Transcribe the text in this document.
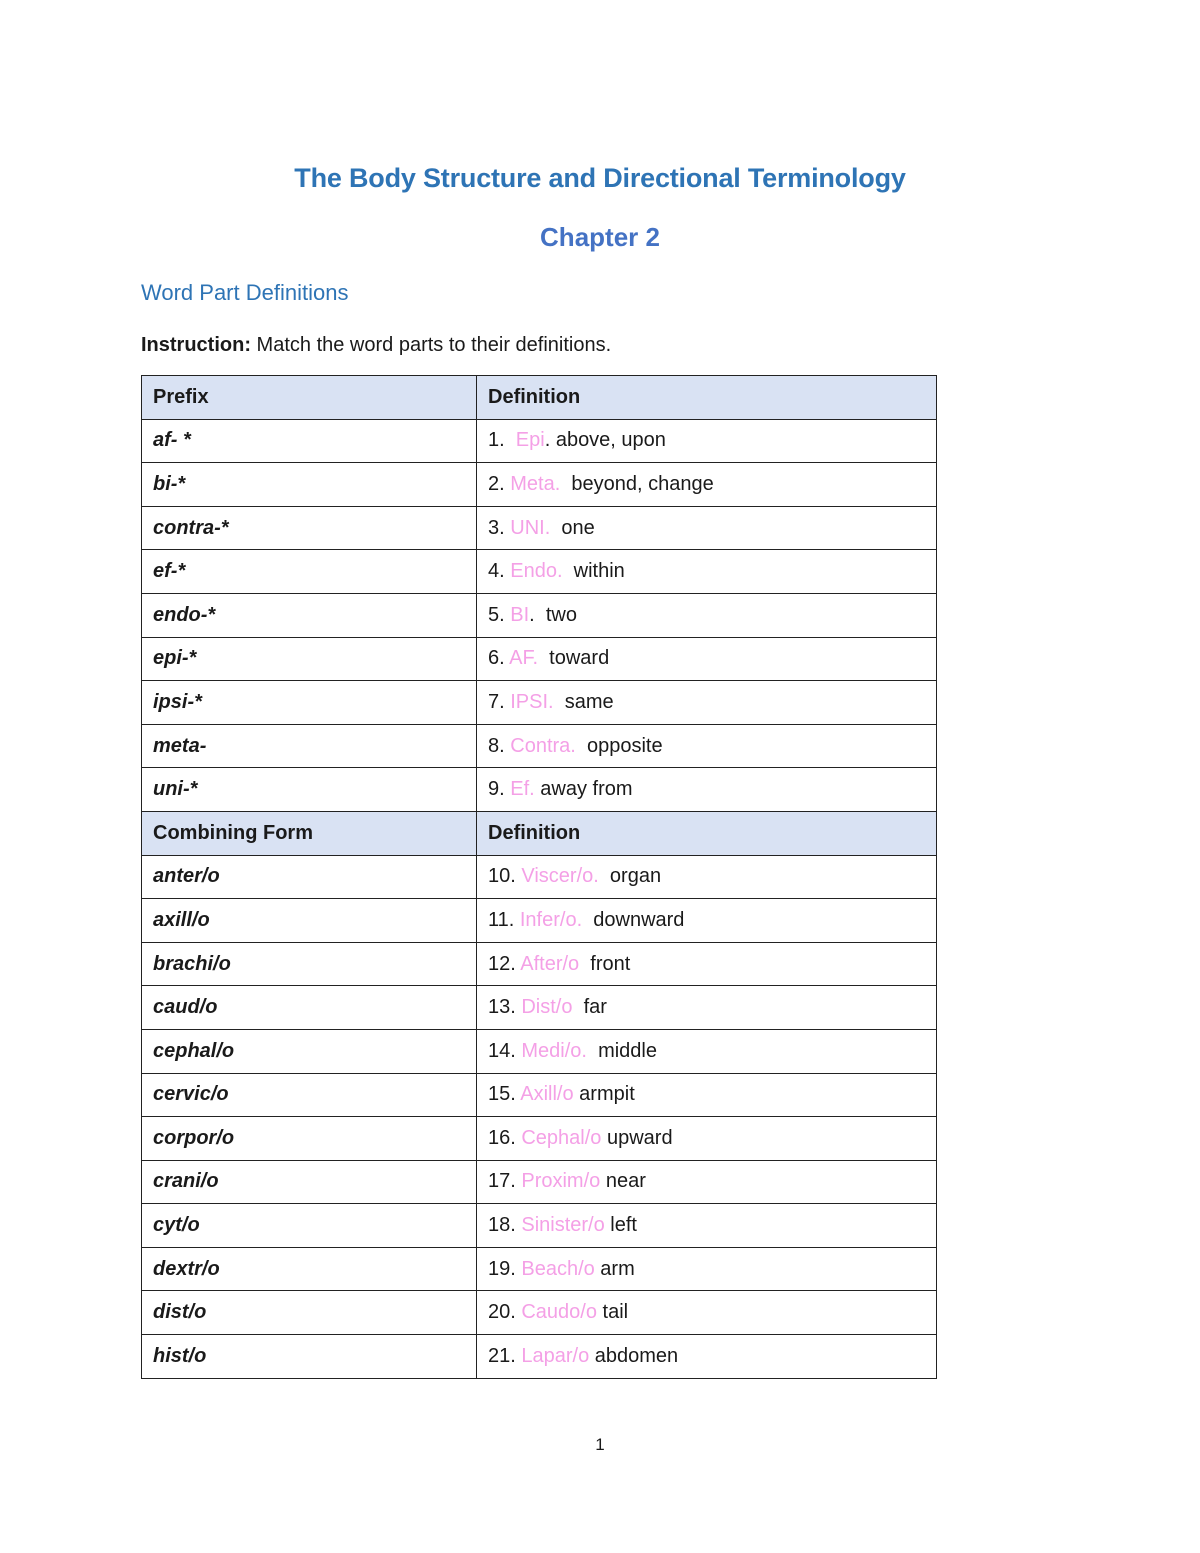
The Body Structure and Directional Terminology
Chapter 2
Word Part Definitions
Instruction: Match the word parts to their definitions.
Prefix	Definition
af- *	1.  Epi. above, upon
bi-*	2. Meta.  beyond, change
contra-*	3. UNI.  one
ef-*	4. Endo.  within
endo-*	5. BI.  two
epi-*	6. AF.  toward
ipsi-*	7. IPSI.  same
meta-	8. Contra.  opposite
uni-*	9. Ef. away from
Combining Form	Definition
anter/o	10. Viscer/o.  organ
axill/o	11. Infer/o.  downward
brachi/o	12. After/o  front
caud/o	13. Dist/o  far
cephal/o	14. Medi/o.  middle
cervic/o	15. Axill/o armpit
corpor/o	16. Cephal/o upward
crani/o	17. Proxim/o near
cyt/o	18. Sinister/o left
dextr/o	19. Beach/o arm
dist/o	20. Caudo/o tail
hist/o	21. Lapar/o abdomen
1
